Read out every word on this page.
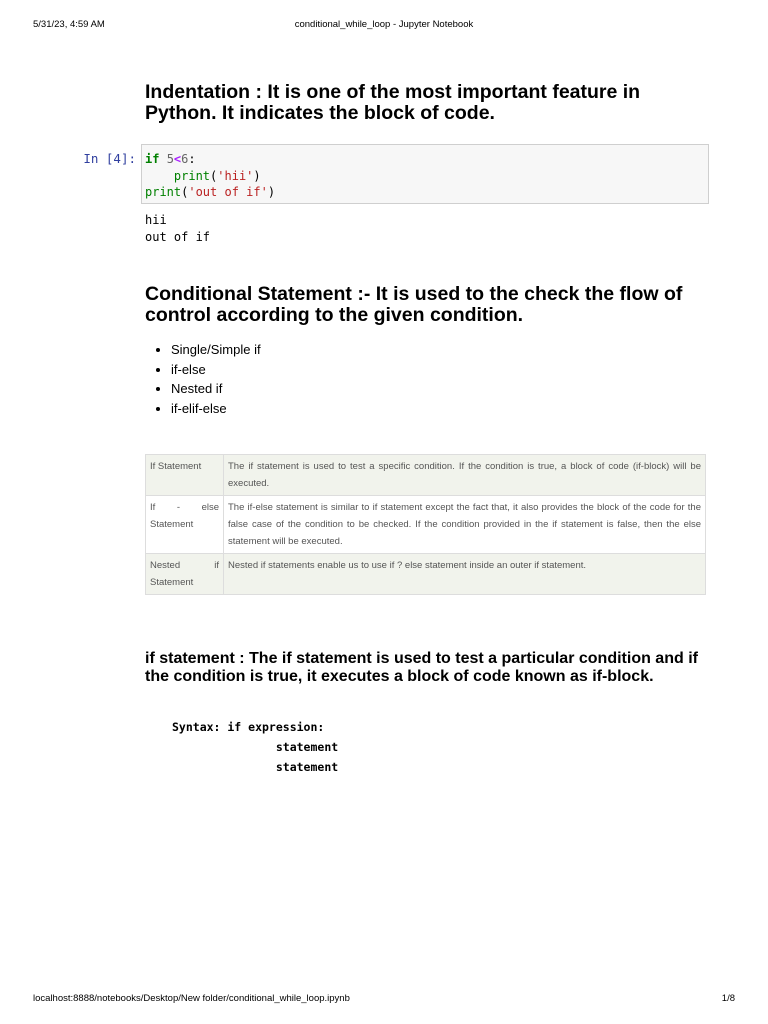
5/31/23, 4:59 AM	conditional_while_loop - Jupyter Notebook
Indentation : It is one of the most important feature in Python. It indicates the block of code.
In [4]: if 5<6:
print('hii')
print('out of if')
hii
out of if
Conditional Statement :- It is used to the check the flow of control according to the given condition.
• Single/Simple if
• if-else
• Nested if
• if-elif-else
If Statement	The if statement is used to test a specific condition. If the condition is true, a block of code (if-block) will be executed.
If - else Statement	The if-else statement is similar to if statement except the fact that, it also provides the block of the code for the false case of the condition to be checked. If the condition provided in the if statement is false, then the else statement will be executed.
Nested if Statement	Nested if statements enable us to use if ? else statement inside an outer if statement.
if statement : The if statement is used to test a particular condition and if the condition is true, it executes a block of code known as if-block.
Syntax: if expression:
statement
statement
localhost:8888/notebooks/Desktop/New folder/conditional_while_loop.ipynb	1/8
